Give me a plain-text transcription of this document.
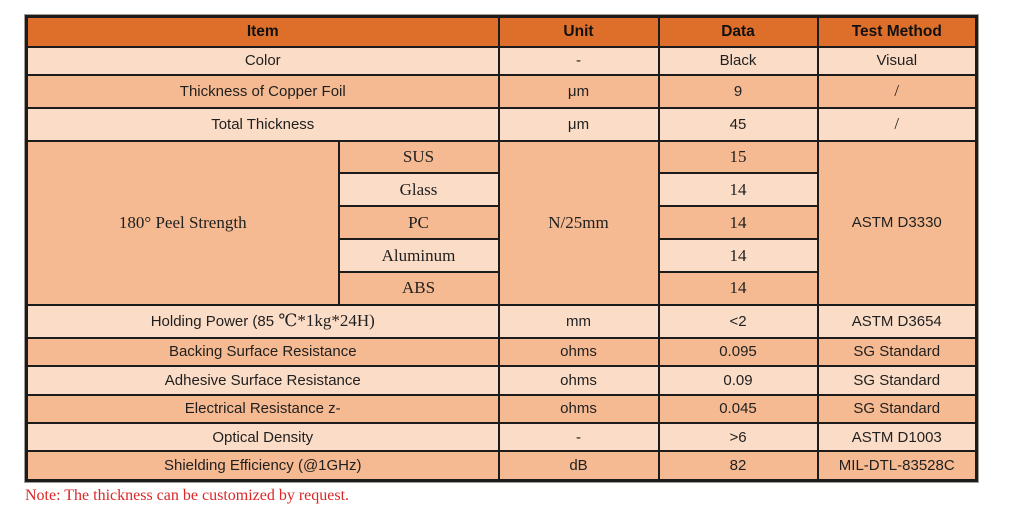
Item		Unit	Data	Test Method
Color		-	Black	Visual
Thickness of Copper Foil		μm	9	/
Total Thickness		μm	45	/
180° Peel Strength	SUS	N/25mm	15	ASTM D3330
	Glass		14	
	PC		14	
	Aluminum		14	
	ABS		14	
Holding Power (85 ℃*1kg*24H)		mm	<2	ASTM D3654
Backing Surface Resistance		ohms	0.095	SG Standard
Adhesive Surface Resistance		ohms	0.09	SG Standard
Electrical Resistance z-		ohms	0.045	SG Standard
Optical Density		-	>6	ASTM D1003
Shielding Efficiency (@1GHz)		dB	82	MIL-DTL-83528C
Note: The thickness can be customized by request.
